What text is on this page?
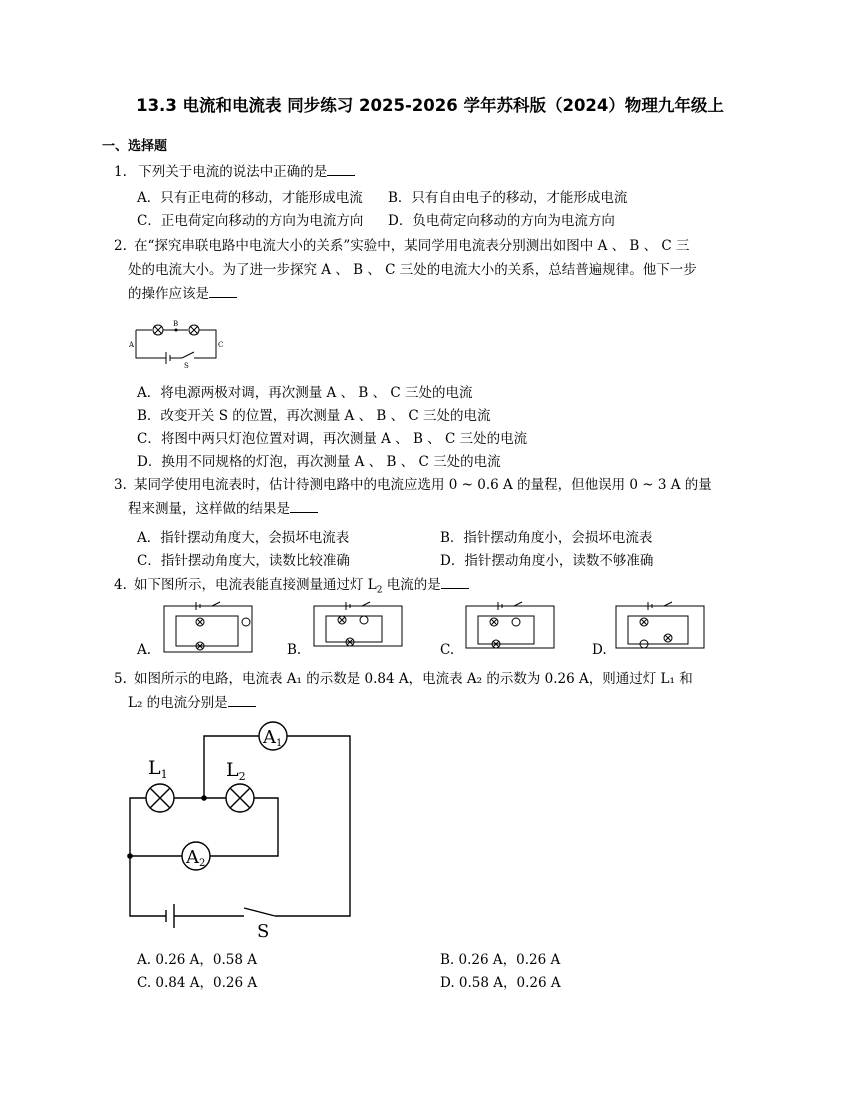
13.3 电流和电流表 同步练习 2025-2026 学年苏科版（2024）物理九年级上
一、选择题
1. 下列关于电流的说法中正确的是
A．只有正电荷的移动，才能形成电流 B．只有自由电子的移动，才能形成电流
C．正电荷定向移动的方向为电流方向 D．负电荷定向移动的方向为电流方向
2. 在“探究串联电路中电流大小的关系”实验中，某同学用电流表分别测出如图中 A 、 B 、 C 三
处的电流大小。为了进一步探究 A 、 B 、 C 三处的电流大小的关系，总结普遍规律。他下一步
的操作应该是
B
A	C
S
A．将电源两极对调，再次测量 A 、 B 、 C 三处的电流
B．改变开关 S 的位置，再次测量 A 、 B 、 C 三处的电流
C．将图中两只灯泡位置对调，再次测量 A 、 B 、 C 三处的电流
D．换用不同规格的灯泡，再次测量 A 、 B 、 C 三处的电流
3. 某同学使用电流表时，估计待测电路中的电流应选用 0 ~ 0.6 A 的量程，但他误用 0 ~ 3 A 的量
程来测量，这样做的结果是
A．指针摆动角度大，会损坏电流表	B．指针摆动角度小，会损坏电流表
C．指针摆动角度大，读数比较准确	D．指针摆动角度小，读数不够准确
4. 如下图所示，电流表能直接测量通过灯 $L_2$ 电流的是
A.	B.	C.	D.
5. 如图所示的电路，电流表 A₁ 的示数是 0.84 A，电流表 A₂ 的示数为 0.26 A，则通过灯 L₁ 和
L₂ 的电流分别是
A1
A2
$L_1$	$L_2$
S
A. 0.26 A，0.58 A	B. 0.26 A，0.26 A
C. 0.84 A，0.26 A	D. 0.58 A，0.26 A
